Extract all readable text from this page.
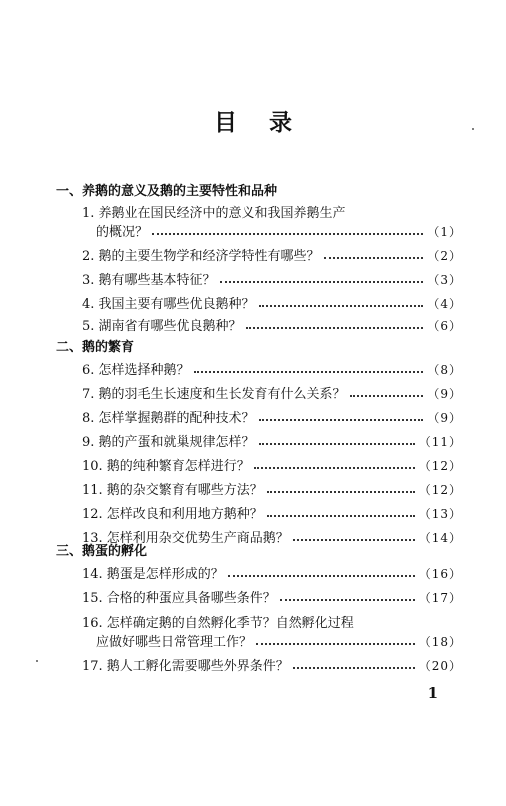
目录
一、养鹅的意义及鹅的主要特性和品种
1. 养鹅业在国民经济中的意义和我国养鹅生产
的概况？	（1）
2. 鹅的主要生物学和经济学特性有哪些？	（2）
3. 鹅有哪些基本特征？	（3）
4. 我国主要有哪些优良鹅种？	（4）
5. 湖南省有哪些优良鹅种？	（6）
二、鹅的繁育
6. 怎样选择种鹅？	（8）
7. 鹅的羽毛生长速度和生长发育有什么关系？	（9）
8. 怎样掌握鹅群的配种技术？	（9）
9. 鹅的产蛋和就巢规律怎样？	（11）
10. 鹅的纯种繁育怎样进行？	（12）
11. 鹅的杂交繁育有哪些方法？	（12）
12. 怎样改良和利用地方鹅种？	（13）
13. 怎样利用杂交优势生产商品鹅？	（14）
三、鹅蛋的孵化
14. 鹅蛋是怎样形成的？	（16）
15. 合格的种蛋应具备哪些条件？	（17）
16. 怎样确定鹅的自然孵化季节？自然孵化过程
应做好哪些日常管理工作？	（18）
17. 鹅人工孵化需要哪些外界条件？	（20）
1
